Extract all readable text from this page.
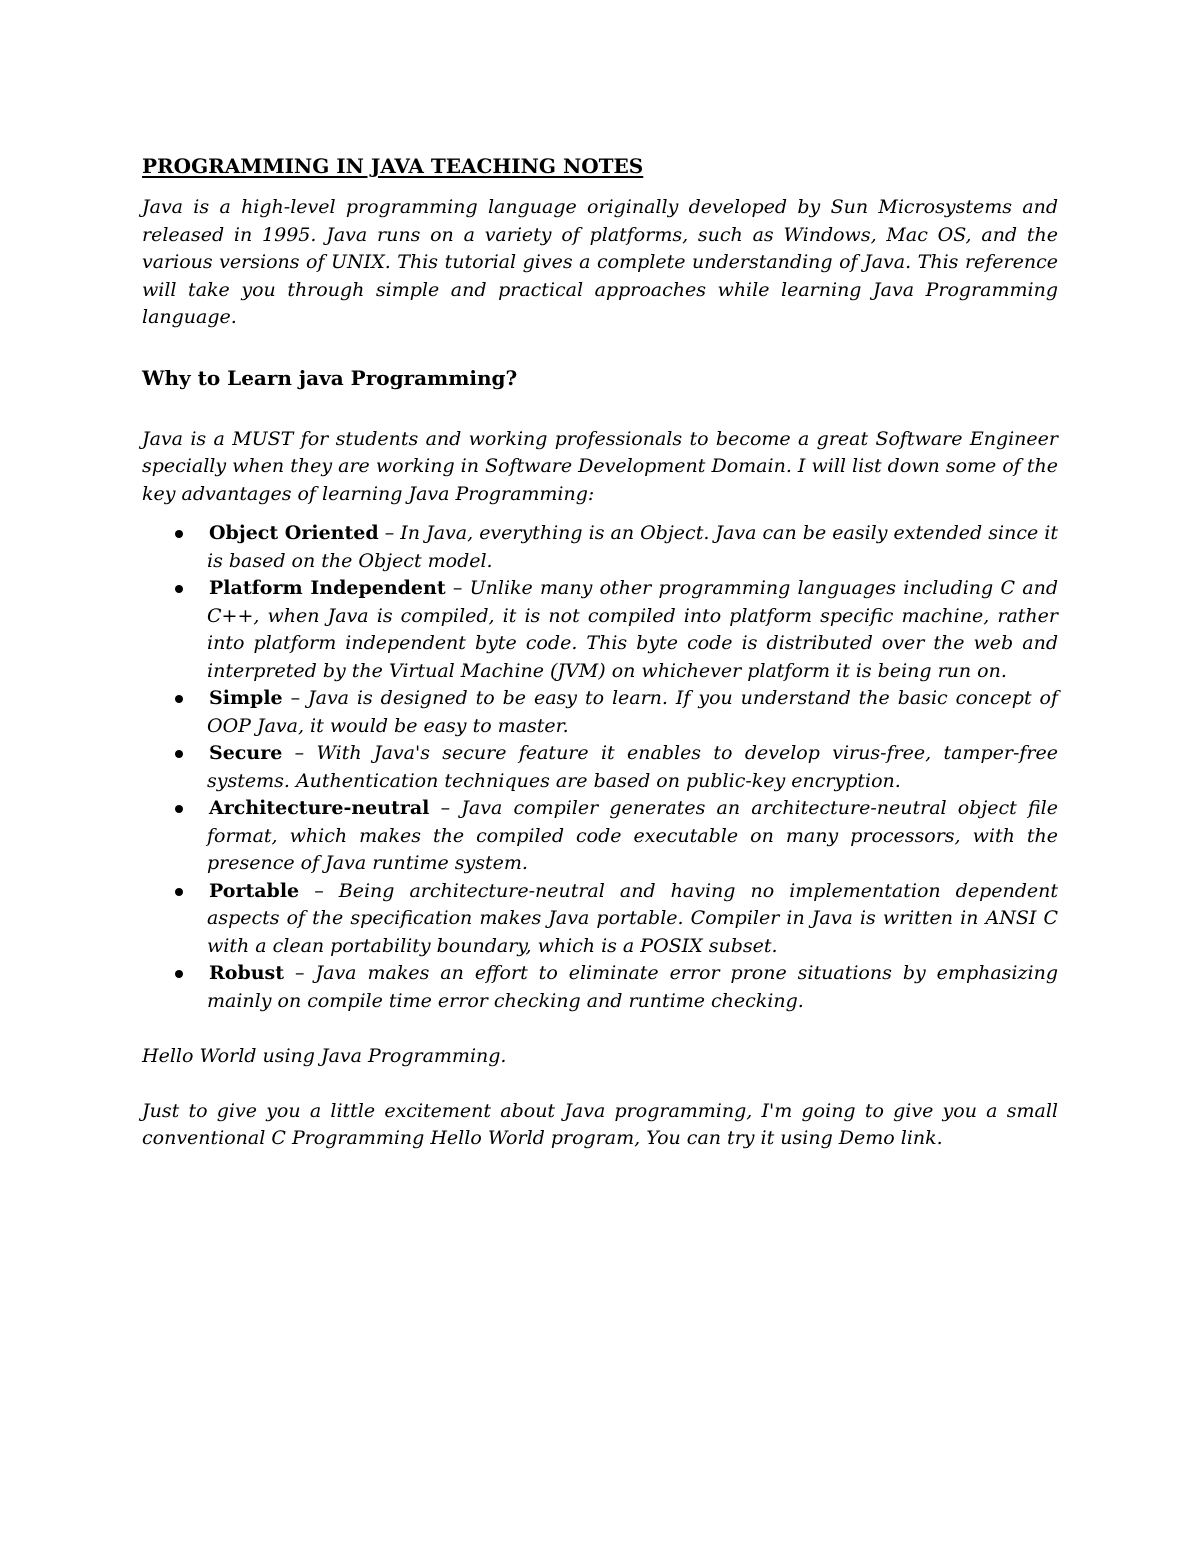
PROGRAMMING IN JAVA TEACHING NOTES

Java is a high-level programming language originally developed by Sun Microsystems and released in 1995. Java runs on a variety of platforms, such as Windows, Mac OS, and the various versions of UNIX. This tutorial gives a complete understanding of Java. This reference will take you through simple and practical approaches while learning Java Programming language.

Why to Learn java Programming?

Java is a MUST for students and working professionals to become a great Software Engineer specially when they are working in Software Development Domain. I will list down some of the key advantages of learning Java Programming:

Object Oriented – In Java, everything is an Object. Java can be easily extended since it is based on the Object model.
Platform Independent – Unlike many other programming languages including C and C++, when Java is compiled, it is not compiled into platform specific machine, rather into platform independent byte code. This byte code is distributed over the web and interpreted by the Virtual Machine (JVM) on whichever platform it is being run on.
Simple – Java is designed to be easy to learn. If you understand the basic concept of OOP Java, it would be easy to master.
Secure – With Java's secure feature it enables to develop virus-free, tamper-free systems. Authentication techniques are based on public-key encryption.
Architecture-neutral – Java compiler generates an architecture-neutral object file format, which makes the compiled code executable on many processors, with the presence of Java runtime system.
Portable – Being architecture-neutral and having no implementation dependent aspects of the specification makes Java portable. Compiler in Java is written in ANSI C with a clean portability boundary, which is a POSIX subset.
Robust – Java makes an effort to eliminate error prone situations by emphasizing mainly on compile time error checking and runtime checking.

Hello World using Java Programming.

Just to give you a little excitement about Java programming, I'm going to give you a small conventional C Programming Hello World program, You can try it using Demo link.
